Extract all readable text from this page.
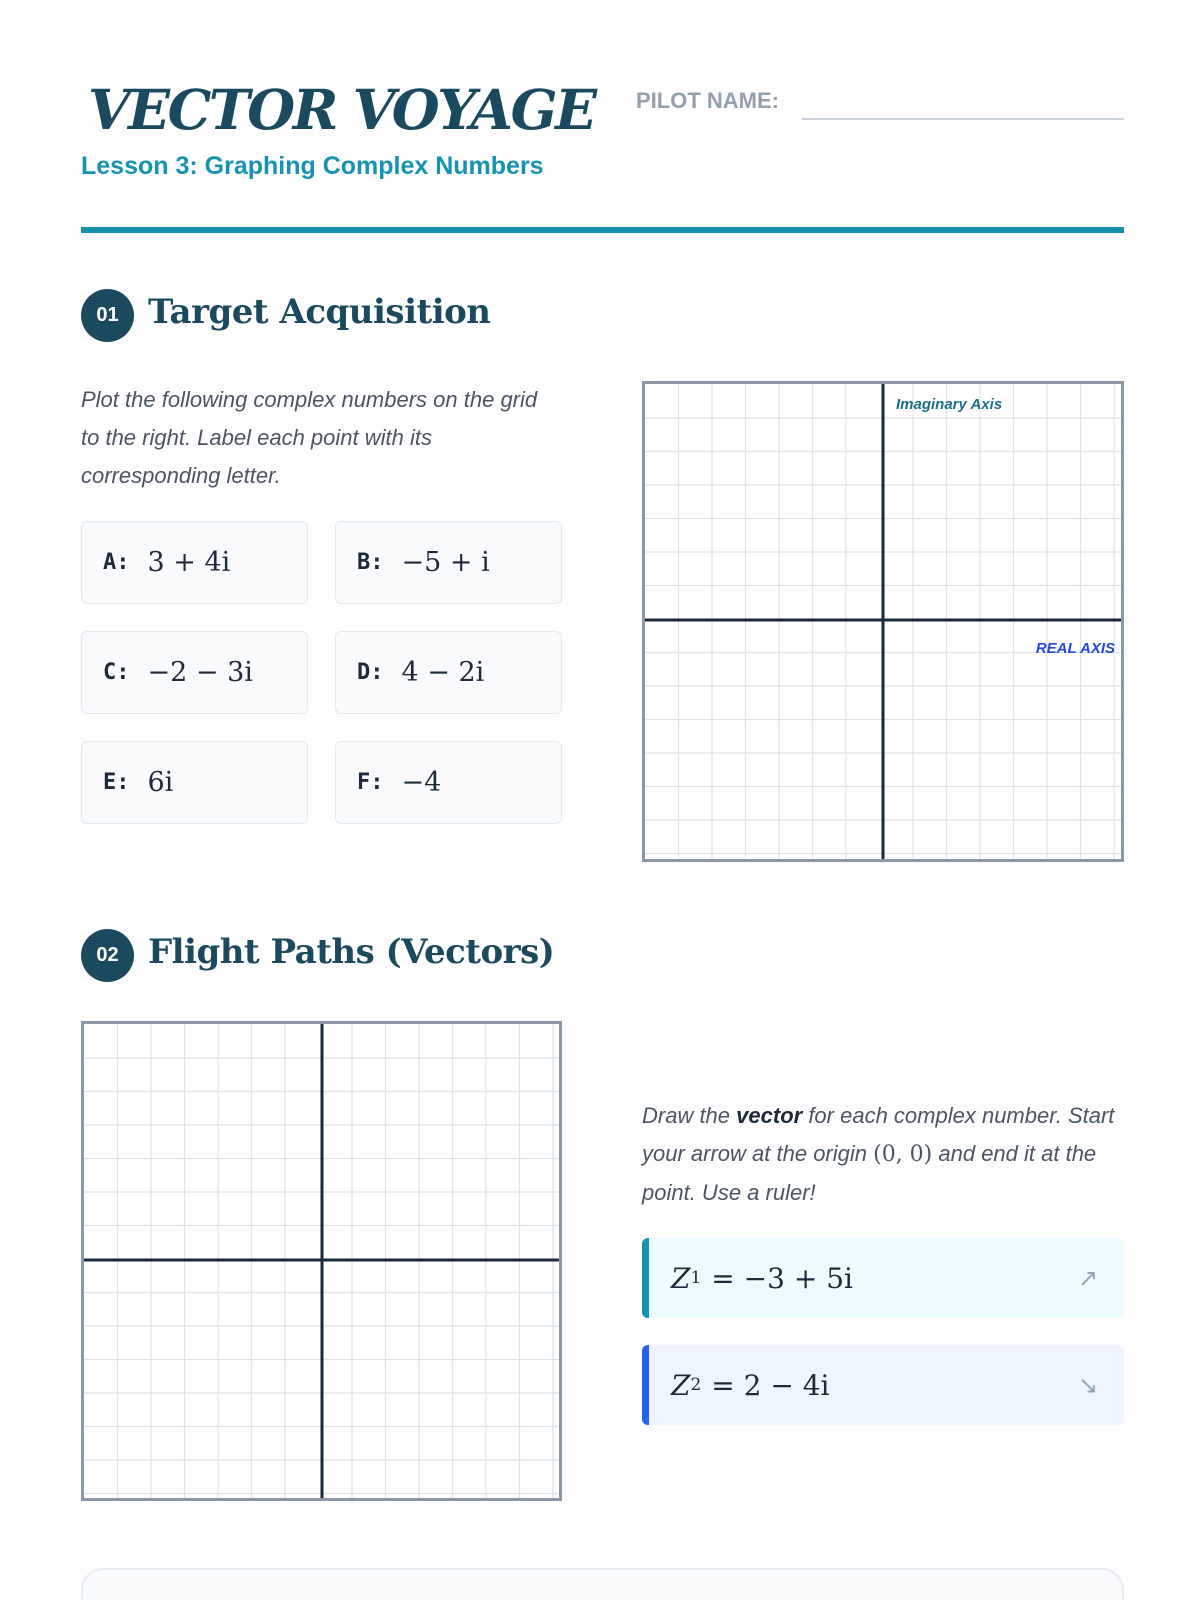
VECTOR VOYAGE
Lesson 3: Graphing Complex Numbers
PILOT NAME:
01 Target Acquisition
Plot the following complex numbers on the grid to the right. Label each point with its corresponding letter.
A: 3 + 4i	B: −5 + i
C: −2 − 3i	D: 4 − 2i
E: 6i	F: −4
Imaginary Axis
REAL AXIS
02 Flight Paths (Vectors)
Draw the vector for each complex number. Start your arrow at the origin (0, 0) and end it at the point. Use a ruler!
Z 1 = −3 + 5i	↗
Z 2 = 2 − 4i	↘
